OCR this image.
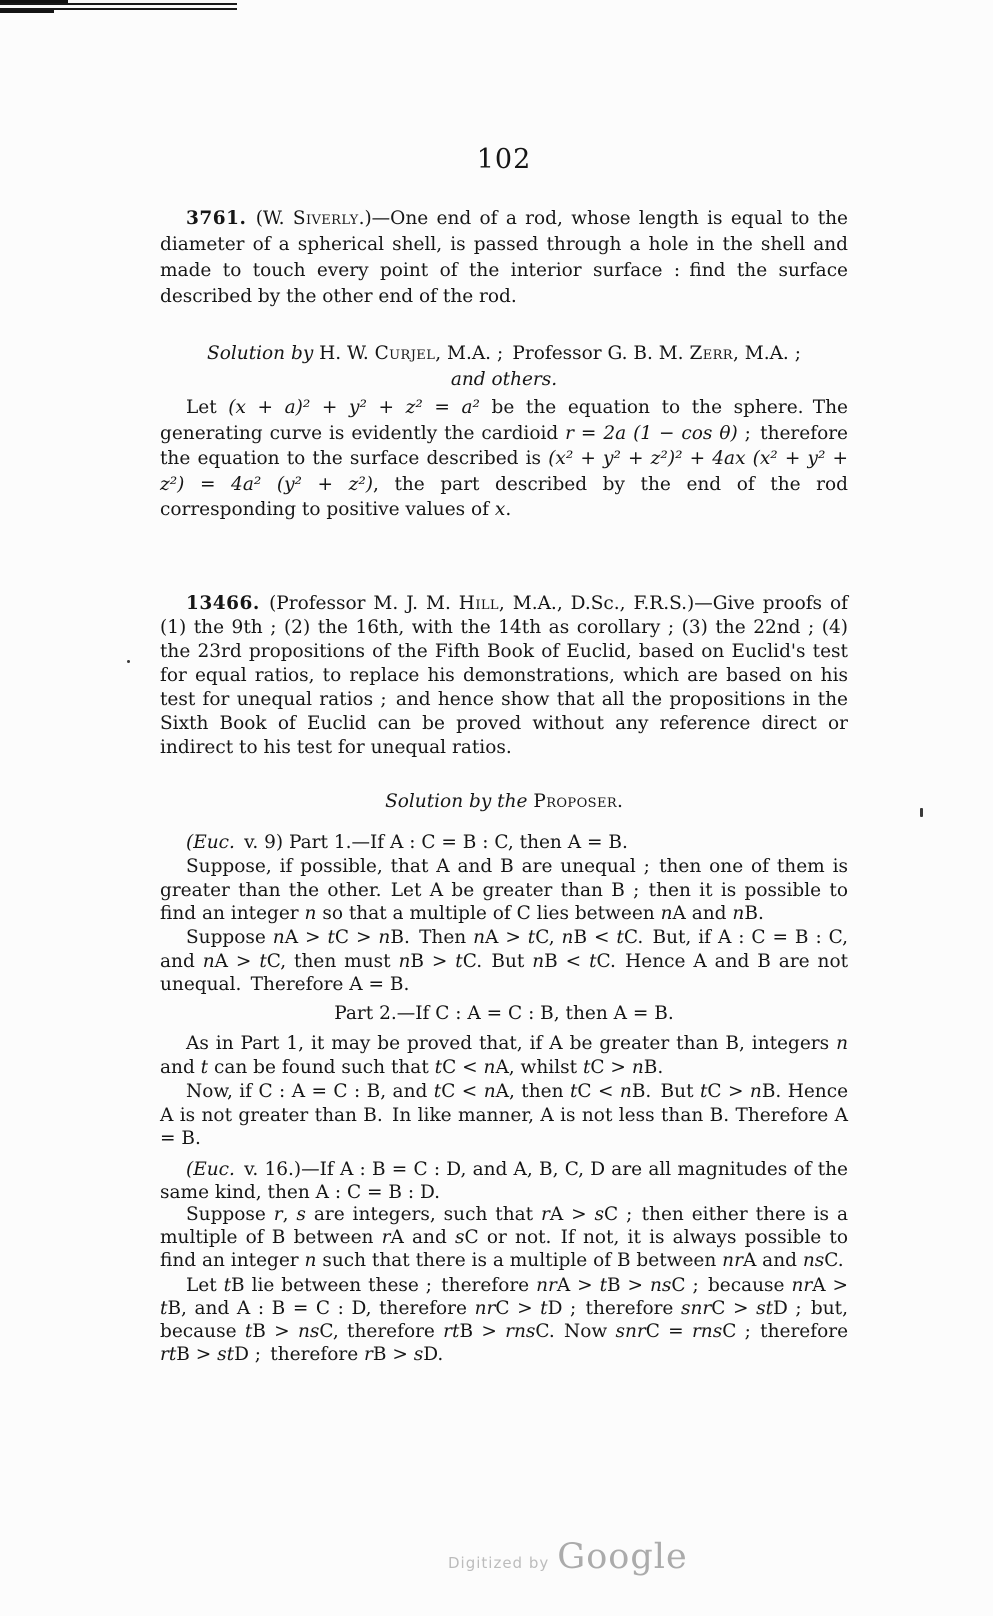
102
3761. (W. Siverly.)—One end of a rod, whose length is equal to the diameter of a spherical shell, is passed through a hole in the shell and made to touch every point of the interior surface : find the surface described by the other end of the rod.
Solution by H. W. Curjel, M.A. ; Professor G. B. M. Zerr, M.A. ;
and others.
Let (x + a)² + y² + z² = a² be the equation to the sphere. The generating curve is evidently the cardioid r = 2a (1 − cos θ) ; therefore the equation to the surface described is (x² + y² + z²)² + 4ax (x² + y² + z²) = 4a² (y² + z²), the part described by the end of the rod corresponding to positive values of x.
13466. (Professor M. J. M. Hill, M.A., D.Sc., F.R.S.)—Give proofs of (1) the 9th ; (2) the 16th, with the 14th as corollary ; (3) the 22nd ; (4) the 23rd propositions of the Fifth Book of Euclid, based on Euclid's test for equal ratios, to replace his demonstrations, which are based on his test for unequal ratios ; and hence show that all the propositions in the Sixth Book of Euclid can be proved without any reference direct or indirect to his test for unequal ratios.
Solution by the Proposer.
(Euc. v. 9) Part 1.—If A : C = B : C, then A = B.
Suppose, if possible, that A and B are unequal ; then one of them is greater than the other. Let A be greater than B ; then it is possible to find an integer n so that a multiple of C lies between nA and nB.
Suppose nA > tC > nB. Then nA > tC, nB < tC. But, if A : C = B : C, and nA > tC, then must nB > tC. But nB < tC. Hence A and B are not unequal. Therefore A = B.
Part 2.—If C : A = C : B, then A = B.
As in Part 1, it may be proved that, if A be greater than B, integers n and t can be found such that tC < nA, whilst tC > nB.
Now, if C : A = C : B, and tC < nA, then tC < nB. But tC > nB. Hence A is not greater than B. In like manner, A is not less than B. Therefore A = B.
(Euc. v. 16.)—If A : B = C : D, and A, B, C, D are all magnitudes of the same kind, then A : C = B : D.
Suppose r, s are integers, such that rA > sC ; then either there is a multiple of B between rA and sC or not. If not, it is always possible to find an integer n such that there is a multiple of B between nrA and nsC.
Let tB lie between these ; therefore nrA > tB > nsC ; because nrA > tB, and A : B = C : D, therefore nrC > tD ; therefore snrC > stD ; but, because tB > nsC, therefore rtB > rnsC. Now snrC = rnsC ; therefore rtB > stD ; therefore rB > sD.
Digitized by Google
